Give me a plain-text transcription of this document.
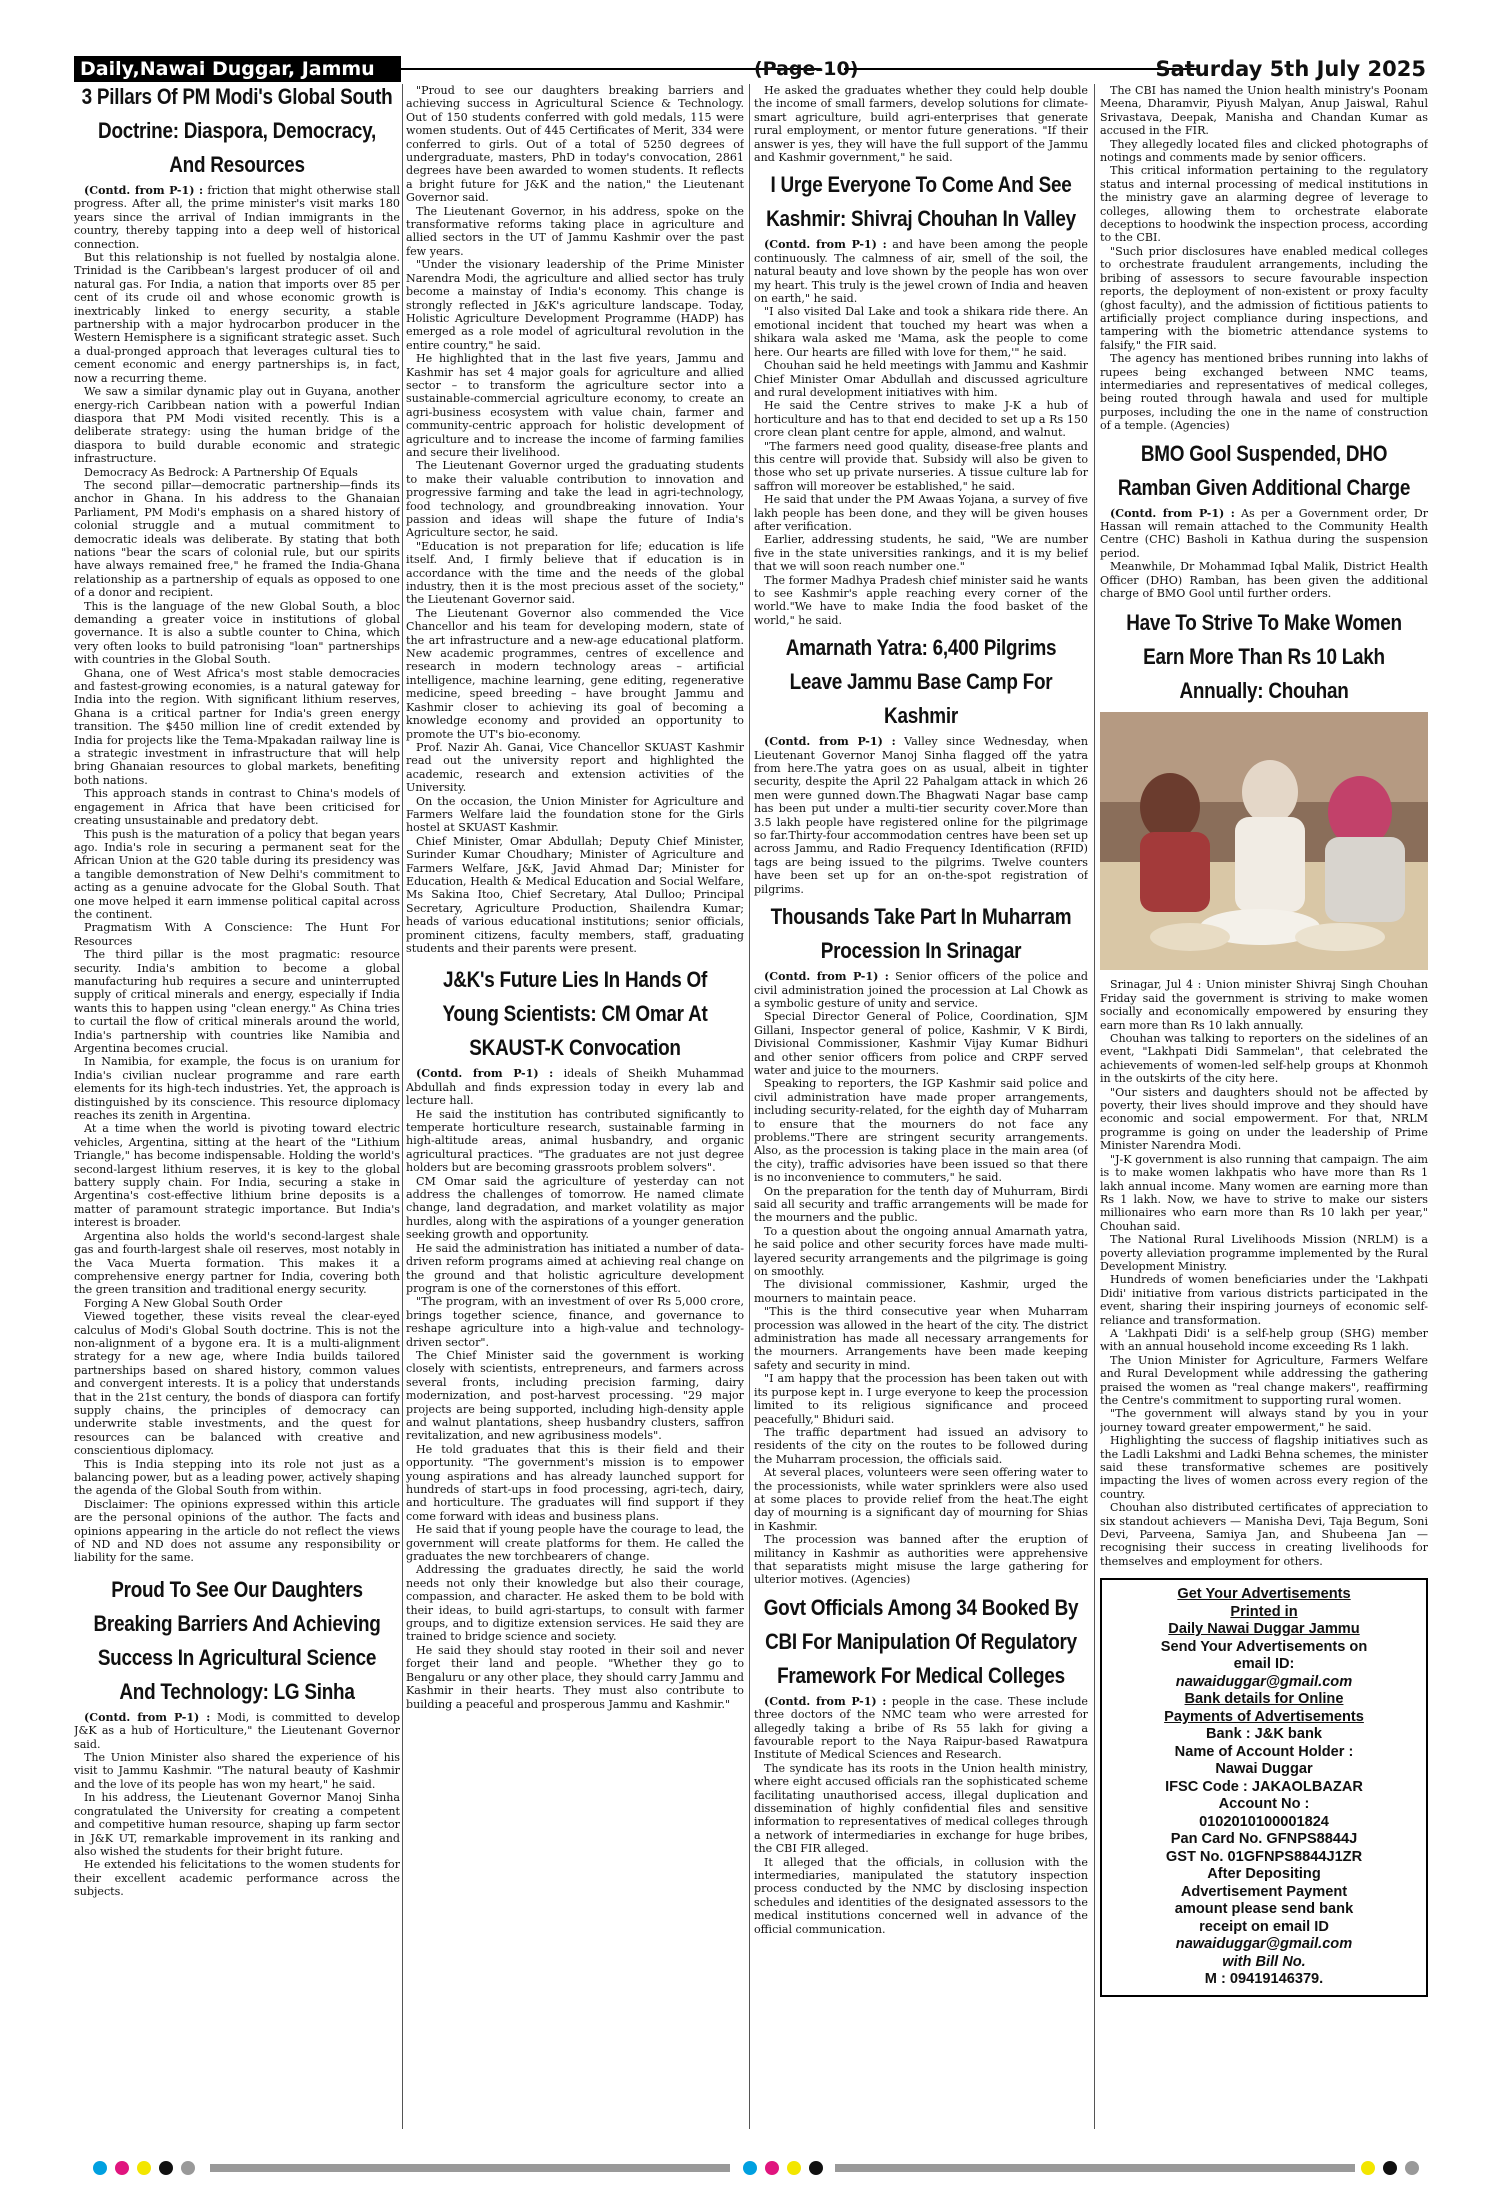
Daily,Nawai Duggar, Jammu	(Page-10)	Saturday 5th July 2025
3 Pillars Of PM Modi's Global South Doctrine: Diaspora, Democracy, And Resources

(Contd. from P-1) : friction that might otherwise stall progress. After all, the prime minister's visit marks 180 years since the arrival of Indian immigrants in the country, thereby tapping into a deep well of historical connection.

But this relationship is not fuelled by nostalgia alone. Trinidad is the Caribbean's largest producer of oil and natural gas. For India, a nation that imports over 85 per cent of its crude oil and whose economic growth is inextricably linked to energy security, a stable partnership with a major hydrocarbon producer in the Western Hemisphere is a significant strategic asset. Such a dual-pronged approach that leverages cultural ties to cement economic and energy partnerships is, in fact, now a recurring theme.

We saw a similar dynamic play out in Guyana, another energy-rich Caribbean nation with a powerful Indian diaspora that PM Modi visited recently. This is a deliberate strategy: using the human bridge of the diaspora to build durable economic and strategic infrastructure.

Democracy As Bedrock: A Partnership Of Equals

The second pillar—democratic partnership—finds its anchor in Ghana. In his address to the Ghanaian Parliament, PM Modi's emphasis on a shared history of colonial struggle and a mutual commitment to democratic ideals was deliberate. By stating that both nations "bear the scars of colonial rule, but our spirits have always remained free," he framed the India-Ghana relationship as a partnership of equals as opposed to one of a donor and recipient.

This is the language of the new Global South, a bloc demanding a greater voice in institutions of global governance. It is also a subtle counter to China, which very often looks to build patronising "loan" partnerships with countries in the Global South.

Ghana, one of West Africa's most stable democracies and fastest-growing economies, is a natural gateway for India into the region. With significant lithium reserves, Ghana is a critical partner for India's green energy transition. The $450 million line of credit extended by India for projects like the Tema-Mpakadan railway line is a strategic investment in infrastructure that will help bring Ghanaian resources to global markets, benefiting both nations.

This approach stands in contrast to China's models of engagement in Africa that have been criticised for creating unsustainable and predatory debt.

This push is the maturation of a policy that began years ago. India's role in securing a permanent seat for the African Union at the G20 table during its presidency was a tangible demonstration of New Delhi's commitment to acting as a genuine advocate for the Global South. That one move helped it earn immense political capital across the continent.

Pragmatism With A Conscience: The Hunt For Resources

The third pillar is the most pragmatic: resource security. India's ambition to become a global manufacturing hub requires a secure and uninterrupted supply of critical minerals and energy, especially if India wants this to happen using "clean energy." As China tries to curtail the flow of critical minerals around the world, India's partnership with countries like Namibia and Argentina becomes crucial.

In Namibia, for example, the focus is on uranium for India's civilian nuclear programme and rare earth elements for its high-tech industries. Yet, the approach is distinguished by its conscience. This resource diplomacy reaches its zenith in Argentina.

At a time when the world is pivoting toward electric vehicles, Argentina, sitting at the heart of the "Lithium Triangle," has become indispensable. Holding the world's second-largest lithium reserves, it is key to the global battery supply chain. For India, securing a stake in Argentina's cost-effective lithium brine deposits is a matter of paramount strategic importance. But India's interest is broader.

Argentina also holds the world's second-largest shale gas and fourth-largest shale oil reserves, most notably in the Vaca Muerta formation. This makes it a comprehensive energy partner for India, covering both the green transition and traditional energy security.

Forging A New Global South Order

Viewed together, these visits reveal the clear-eyed calculus of Modi's Global South doctrine. This is not the non-alignment of a bygone era. It is a multi-alignment strategy for a new age, where India builds tailored partnerships based on shared history, common values and convergent interests. It is a policy that understands that in the 21st century, the bonds of diaspora can fortify supply chains, the principles of democracy can underwrite stable investments, and the quest for resources can be balanced with creative and conscientious diplomacy.

This is India stepping into its role not just as a balancing power, but as a leading power, actively shaping the agenda of the Global South from within.

Disclaimer: The opinions expressed within this article are the personal opinions of the author. The facts and opinions appearing in the article do not reflect the views of ND and ND does not assume any responsibility or liability for the same.

Proud To See Our Daughters Breaking Barriers And Achieving Success In Agricultural Science And Technology: LG Sinha

(Contd. from P-1) : Modi, is committed to develop J&K as a hub of Horticulture," the Lieutenant Governor said.

The Union Minister also shared the experience of his visit to Jammu Kashmir. "The natural beauty of Kashmir and the love of its people has won my heart," he said.

In his address, the Lieutenant Governor Manoj Sinha congratulated the University for creating a competent and competitive human resource, shaping up farm sector in J&K UT, remarkable improvement in its ranking and also wished the students for their bright future.

He extended his felicitations to the women students for their excellent academic performance across the subjects.

"Proud to see our daughters breaking barriers and achieving success in Agricultural Science & Technology. Out of 150 students conferred with gold medals, 115 were women students. Out of 445 Certificates of Merit, 334 were conferred to girls. Out of a total of 5250 degrees of undergraduate, masters, PhD in today's convocation, 2861 degrees have been awarded to women students. It reflects a bright future for J&K and the nation," the Lieutenant Governor said.

The Lieutenant Governor, in his address, spoke on the transformative reforms taking place in agriculture and allied sectors in the UT of Jammu Kashmir over the past few years.

"Under the visionary leadership of the Prime Minister Narendra Modi, the agriculture and allied sector has truly become a mainstay of India's economy. This change is strongly reflected in J&K's agriculture landscape. Today, Holistic Agriculture Development Programme (HADP) has emerged as a role model of agricultural revolution in the entire country," he said.

He highlighted that in the last five years, Jammu and Kashmir has set 4 major goals for agriculture and allied sector – to transform the agriculture sector into a sustainable-commercial agriculture economy, to create an agri-business ecosystem with value chain, farmer and community-centric approach for holistic development of agriculture and to increase the income of farming families and secure their livelihood.

The Lieutenant Governor urged the graduating students to make their valuable contribution to innovation and progressive farming and take the lead in agri-technology, food technology, and groundbreaking innovation. Your passion and ideas will shape the future of India's Agriculture sector, he said.

"Education is not preparation for life; education is life itself. And, I firmly believe that if education is in accordance with the time and the needs of the global industry, then it is the most precious asset of the society," the Lieutenant Governor said.

The Lieutenant Governor also commended the Vice Chancellor and his team for developing modern, state of the art infrastructure and a new-age educational platform. New academic programmes, centres of excellence and research in modern technology areas – artificial intelligence, machine learning, gene editing, regenerative medicine, speed breeding – have brought Jammu and Kashmir closer to achieving its goal of becoming a knowledge economy and provided an opportunity to promote the UT's bio-economy.

Prof. Nazir Ah. Ganai, Vice Chancellor SKUAST Kashmir read out the university report and highlighted the academic, research and extension activities of the University.

On the occasion, the Union Minister for Agriculture and Farmers Welfare laid the foundation stone for the Girls hostel at SKUAST Kashmir.

Chief Minister, Omar Abdullah; Deputy Chief Minister, Surinder Kumar Choudhary; Minister of Agriculture and Farmers Welfare, J&K, Javid Ahmad Dar; Minister for Education, Health & Medical Education and Social Welfare, Ms Sakina Itoo, Chief Secretary, Atal Dulloo; Principal Secretary, Agriculture Production, Shailendra Kumar; heads of various educational institutions; senior officials, prominent citizens, faculty members, staff, graduating students and their parents were present.

J&K's Future Lies In Hands Of Young Scientists: CM Omar At SKAUST-K Convocation

(Contd. from P-1) : ideals of Sheikh Muhammad Abdullah and finds expression today in every lab and lecture hall.

He said the institution has contributed significantly to temperate horticulture research, sustainable farming in high-altitude areas, animal husbandry, and organic agricultural practices. "The graduates are not just degree holders but are becoming grassroots problem solvers".

CM Omar said the agriculture of yesterday can not address the challenges of tomorrow. He named climate change, land degradation, and market volatility as major hurdles, along with the aspirations of a younger generation seeking growth and opportunity.

He said the administration has initiated a number of data-driven reform programs aimed at achieving real change on the ground and that holistic agriculture development program is one of the cornerstones of this effort.

"The program, with an investment of over Rs 5,000 crore, brings together science, finance, and governance to reshape agriculture into a high-value and technology-driven sector".

The Chief Minister said the government is working closely with scientists, entrepreneurs, and farmers across several fronts, including precision farming, dairy modernization, and post-harvest processing. "29 major projects are being supported, including high-density apple and walnut plantations, sheep husbandry clusters, saffron revitalization, and new agribusiness models".

He told graduates that this is their field and their opportunity. "The government's mission is to empower young aspirations and has already launched support for hundreds of start-ups in food processing, agri-tech, dairy, and horticulture. The graduates will find support if they come forward with ideas and business plans.

He said that if young people have the courage to lead, the government will create platforms for them. He called the graduates the new torchbearers of change.

Addressing the graduates directly, he said the world needs not only their knowledge but also their courage, compassion, and character. He asked them to be bold with their ideas, to build agri-startups, to consult with farmer groups, and to digitize extension services. He said they are trained to bridge science and society.

He said they should stay rooted in their soil and never forget their land and people. "Whether they go to Bengaluru or any other place, they should carry Jammu and Kashmir in their hearts. They must also contribute to building a peaceful and prosperous Jammu and Kashmir."

He asked the graduates whether they could help double the income of small farmers, develop solutions for climate-smart agriculture, build agri-enterprises that generate rural employment, or mentor future generations. "If their answer is yes, they will have the full support of the Jammu and Kashmir government," he said.

I Urge Everyone To Come And See Kashmir: Shivraj Chouhan In Valley

(Contd. from P-1) : and have been among the people continuously. The calmness of air, smell of the soil, the natural beauty and love shown by the people has won over my heart. This truly is the jewel crown of India and heaven on earth," he said.

"I also visited Dal Lake and took a shikara ride there. An emotional incident that touched my heart was when a shikara wala asked me 'Mama, ask the people to come here. Our hearts are filled with love for them,'" he said.

Chouhan said he held meetings with Jammu and Kashmir Chief Minister Omar Abdullah and discussed agriculture and rural development initiatives with him.

He said the Centre strives to make J-K a hub of horticulture and has to that end decided to set up a Rs 150 crore clean plant centre for apple, almond, and walnut.

"The farmers need good quality, disease-free plants and this centre will provide that. Subsidy will also be given to those who set up private nurseries. A tissue culture lab for saffron will moreover be established," he said.

He said that under the PM Awaas Yojana, a survey of five lakh people has been done, and they will be given houses after verification.

Earlier, addressing students, he said, "We are number five in the state universities rankings, and it is my belief that we will soon reach number one."

The former Madhya Pradesh chief minister said he wants to see Kashmir's apple reaching every corner of the world."We have to make India the food basket of the world," he said.

Amarnath Yatra: 6,400 Pilgrims Leave Jammu Base Camp For Kashmir

(Contd. from P-1) : Valley since Wednesday, when Lieutenant Governor Manoj Sinha flagged off the yatra from here.The yatra goes on as usual, albeit in tighter security, despite the April 22 Pahalgam attack in which 26 men were gunned down.The Bhagwati Nagar base camp has been put under a multi-tier security cover.More than 3.5 lakh people have registered online for the pilgrimage so far.Thirty-four accommodation centres have been set up across Jammu, and Radio Frequency Identification (RFID) tags are being issued to the pilgrims. Twelve counters have been set up for an on-the-spot registration of pilgrims.

Thousands Take Part In Muharram Procession In Srinagar

(Contd. from P-1) : Senior officers of the police and civil administration joined the procession at Lal Chowk as a symbolic gesture of unity and service.

Special Director General of Police, Coordination, SJM Gillani, Inspector general of police, Kashmir, V K Birdi, Divisional Commissioner, Kashmir Vijay Kumar Bidhuri and other senior officers from police and CRPF served water and juice to the mourners.

Speaking to reporters, the IGP Kashmir said police and civil administration have made proper arrangements, including security-related, for the eighth day of Muharram to ensure that the mourners do not face any problems."There are stringent security arrangements. Also, as the procession is taking place in the main area (of the city), traffic advisories have been issued so that there is no inconvenience to commuters," he said.

On the preparation for the tenth day of Muhurram, Birdi said all security and traffic arrangements will be made for the mourners and the public.

To a question about the ongoing annual Amarnath yatra, he said police and other security forces have made multi-layered security arrangements and the pilgrimage is going on smoothly.

The divisional commissioner, Kashmir, urged the mourners to maintain peace.

"This is the third consecutive year when Muharram procession was allowed in the heart of the city. The district administration has made all necessary arrangements for the mourners. Arrangements have been made keeping safety and security in mind.

"I am happy that the procession has been taken out with its purpose kept in. I urge everyone to keep the procession limited to its religious significance and proceed peacefully," Bhiduri said.

The traffic department had issued an advisory to residents of the city on the routes to be followed during the Muharram procession, the officials said.

At several places, volunteers were seen offering water to the processionists, while water sprinklers were also used at some places to provide relief from the heat.The eight day of mourning is a significant day of mourning for Shias in Kashmir.

The procession was banned after the eruption of militancy in Kashmir as authorities were apprehensive that separatists might misuse the large gathering for ulterior motives. (Agencies)

Govt Officials Among 34 Booked By CBI For Manipulation Of Regulatory Framework For Medical Colleges

(Contd. from P-1) : people in the case. These include three doctors of the NMC team who were arrested for allegedly taking a bribe of Rs 55 lakh for giving a favourable report to the Naya Raipur-based Rawatpura Institute of Medical Sciences and Research.

The syndicate has its roots in the Union health ministry, where eight accused officials ran the sophisticated scheme facilitating unauthorised access, illegal duplication and dissemination of highly confidential files and sensitive information to representatives of medical colleges through a network of intermediaries in exchange for huge bribes, the CBI FIR alleged.

It alleged that the officials, in collusion with the intermediaries, manipulated the statutory inspection process conducted by the NMC by disclosing inspection schedules and identities of the designated assessors to the medical institutions concerned well in advance of the official communication.

The CBI has named the Union health ministry's Poonam Meena, Dharamvir, Piyush Malyan, Anup Jaiswal, Rahul Srivastava, Deepak, Manisha and Chandan Kumar as accused in the FIR.

They allegedly located files and clicked photographs of notings and comments made by senior officers.

This critical information pertaining to the regulatory status and internal processing of medical institutions in the ministry gave an alarming degree of leverage to colleges, allowing them to orchestrate elaborate deceptions to hoodwink the inspection process, according to the CBI.

"Such prior disclosures have enabled medical colleges to orchestrate fraudulent arrangements, including the bribing of assessors to secure favourable inspection reports, the deployment of non-existent or proxy faculty (ghost faculty), and the admission of fictitious patients to artificially project compliance during inspections, and tampering with the biometric attendance systems to falsify," the FIR said.

The agency has mentioned bribes running into lakhs of rupees being exchanged between NMC teams, intermediaries and representatives of medical colleges, being routed through hawala and used for multiple purposes, including the one in the name of construction of a temple. (Agencies)

BMO Gool Suspended, DHO Ramban Given Additional Charge

(Contd. from P-1) : As per a Government order, Dr Hassan will remain attached to the Community Health Centre (CHC) Basholi in Kathua during the suspension period.

Meanwhile, Dr Mohammad Iqbal Malik, District Health Officer (DHO) Ramban, has been given the additional charge of BMO Gool until further orders.

Have To Strive To Make Women Earn More Than Rs 10 Lakh Annually: Chouhan

Srinagar, Jul 4 : Union minister Shivraj Singh Chouhan Friday said the government is striving to make women socially and economically empowered by ensuring they earn more than Rs 10 lakh annually.

Chouhan was talking to reporters on the sidelines of an event, "Lakhpati Didi Sammelan", that celebrated the achievements of women-led self-help groups at Khonmoh in the outskirts of the city here.

"Our sisters and daughters should not be affected by poverty, their lives should improve and they should have economic and social empowerment. For that, NRLM programme is going on under the leadership of Prime Minister Narendra Modi.

"J-K government is also running that campaign. The aim is to make women lakhpatis who have more than Rs 1 lakh annual income. Many women are earning more than Rs 1 lakh. Now, we have to strive to make our sisters millionaires who earn more than Rs 10 lakh per year," Chouhan said.

The National Rural Livelihoods Mission (NRLM) is a poverty alleviation programme implemented by the Rural Development Ministry.

Hundreds of women beneficiaries under the 'Lakhpati Didi' initiative from various districts participated in the event, sharing their inspiring journeys of economic self-reliance and transformation.

A 'Lakhpati Didi' is a self-help group (SHG) member with an annual household income exceeding Rs 1 lakh.

The Union Minister for Agriculture, Farmers Welfare and Rural Development while addressing the gathering praised the women as "real change makers", reaffirming the Centre's commitment to supporting rural women.

"The government will always stand by you in your journey toward greater empowerment," he said.

Highlighting the success of flagship initiatives such as the Ladli Lakshmi and Ladki Behna schemes, the minister said these transformative schemes are positively impacting the lives of women across every region of the country.

Chouhan also distributed certificates of appreciation to six standout achievers — Manisha Devi, Taja Begum, Soni Devi, Parveena, Samiya Jan, and Shubeena Jan — recognising their success in creating livelihoods for themselves and employment for others.

Get Your Advertisements
Printed in
Daily Nawai Duggar Jammu
Send Your Advertisements on
email ID:
nawaiduggar@gmail.com
Bank details for Online
Payments of Advertisements
Bank : J&K bank
Name of Account Holder :
Nawai Duggar
IFSC Code : JAKAOLBAZAR
Account No :
0102010100001824
Pan Card No. GFNPS8844J
GST No. 01GFNPS8844J1ZR
After Depositing
Advertisement Payment
amount please send bank
receipt on email ID
nawaiduggar@gmail.com
with Bill No.
M : 09419146379.
